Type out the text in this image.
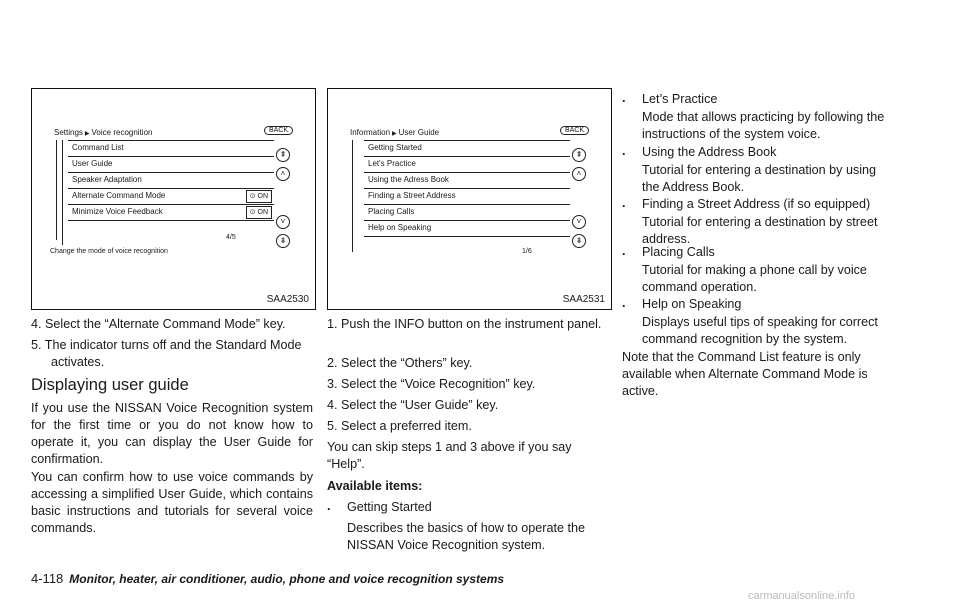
Settings ▶ Voice recognition	BACK
Command List
User Guide
Speaker Adaptation
Alternate Command Mode	⊙ ON
Minimize Voice Feedback	⊙ ON
4/5
Change the mode of voice recognition
⇞
˄
˅
⇟
SAA2530
4. Select the “Alternate Command Mode” key.
5. The indicator turns off and the Standard Mode activates.
Displaying user guide
If you use the NISSAN Voice Recognition system for the first time or you do not know how to operate it, you can display the User Guide for confirmation.
You can confirm how to use voice commands by accessing a simplified User Guide, which contains basic instructions and tutorials for several voice commands.
Information ▶ User Guide	BACK
Getting Started
Let's Practice
Using the Adress Book
Finding a Street Address
Placing Calls
Help on Speaking
1/6
⇞
˄
˅
⇟
SAA2531
1. Push the INFO button on the instrument panel.
2. Select the “Others” key.
3. Select the “Voice Recognition” key.
4. Select the “User Guide” key.
5. Select a preferred item.
You can skip steps 1 and 3 above if you say “Help”.
Available items:
. Getting Started
Describes the basics of how to operate the NISSAN Voice Recognition system.
. Let’s Practice
Mode that allows practicing by following the instructions of the system voice.
. Using the Address Book
Tutorial for entering a destination by using the Address Book.
. Finding a Street Address (if so equipped)
Tutorial for entering a destination by street address.
. Placing Calls
Tutorial for making a phone call by voice command operation.
. Help on Speaking
Displays useful tips of speaking for correct command recognition by the system.
Note that the Command List feature is only available when Alternate Command Mode is active.
4-118 Monitor, heater, air conditioner, audio, phone and voice recognition systems
carmanualsonline.info
